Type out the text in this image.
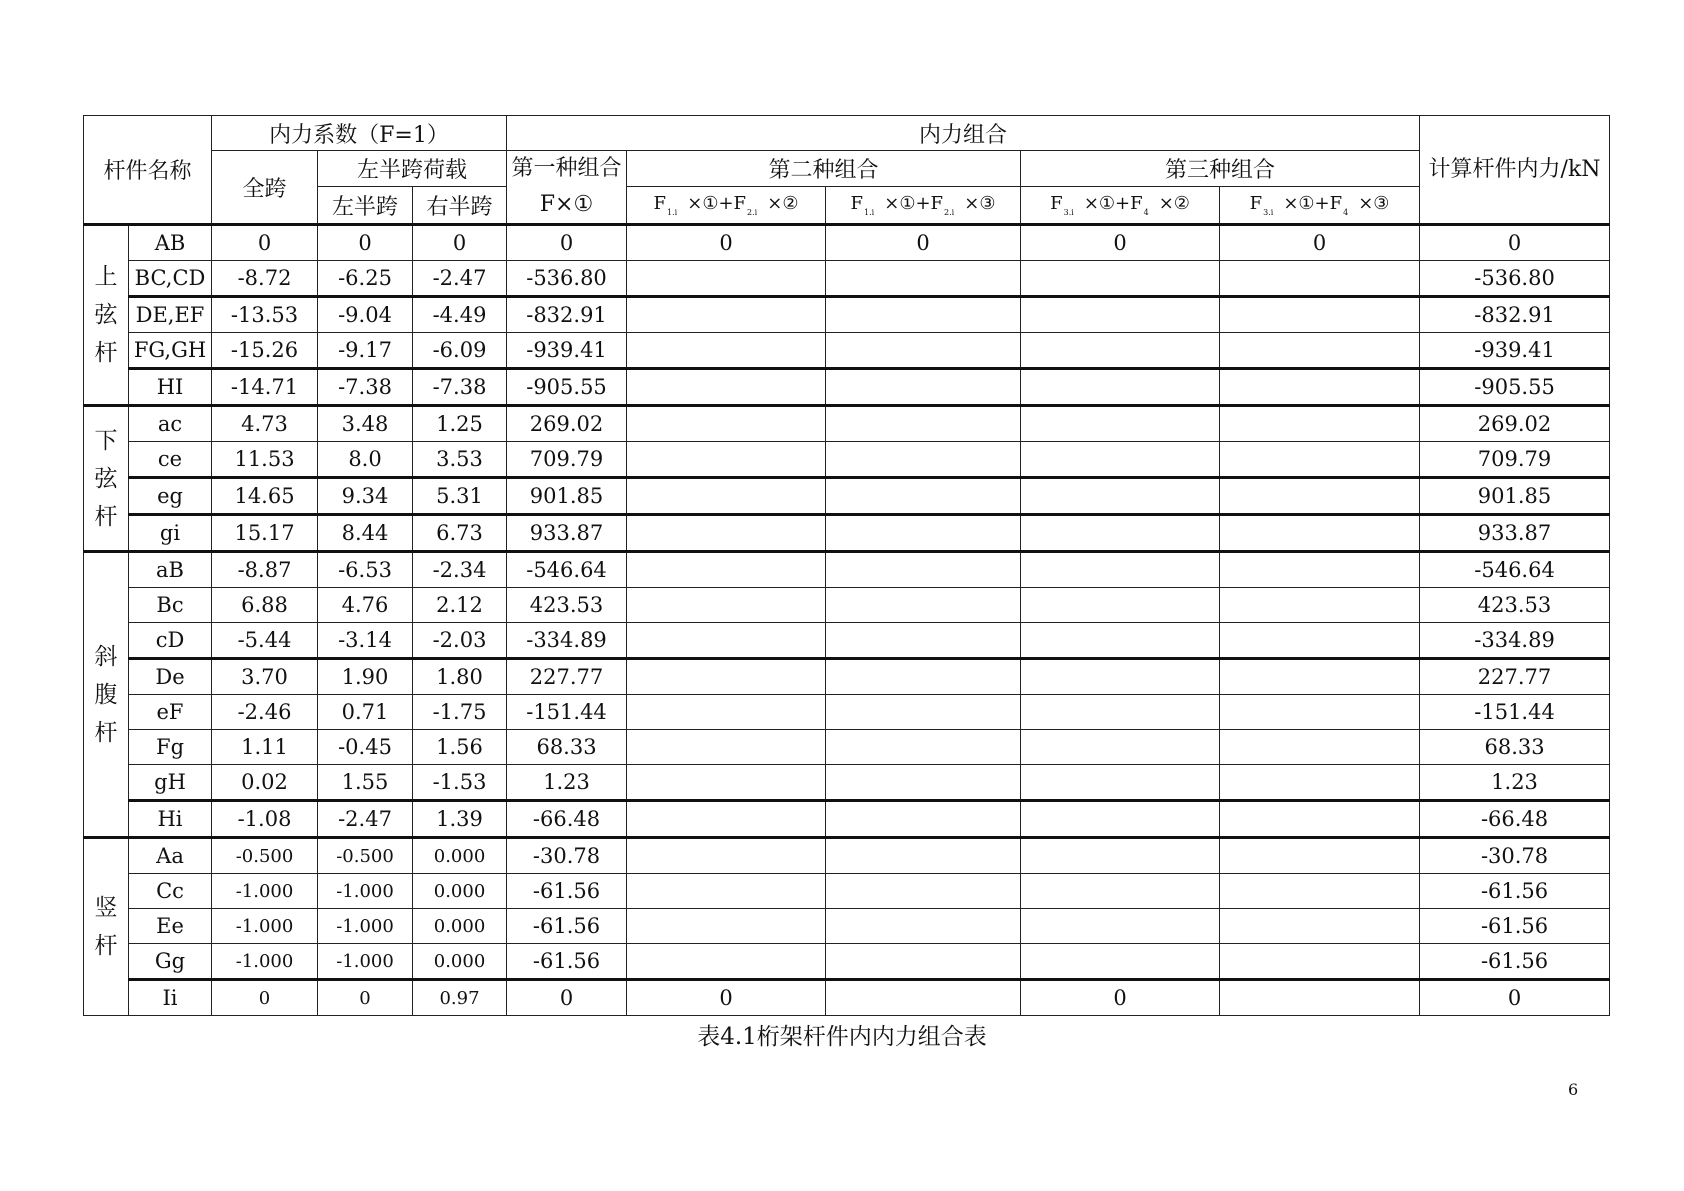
杆件名称		内力系数（F=1）			内力组合					计算杆件内力/kN
		全跨	左半跨荷载		第一种组合F×①	第二种组合		第三种组合		
			左半跨	右半跨		$F_{1.i}$ $\times ①+F_{2.i}$ ×②	$F_{1.i}$ $\times ①+F_{2.i}$ ×③	$F_{3.i}$ $\times ①+F_4$ ×②	$F_{3.i}$ $\times ①+F_4$ ×③	
上弦杆	AB	0	0	0	0	0	0	0	0	0
	BC,CD	-8.72	-6.25	-2.47	-536.80					-536.80
	DE,EF	-13.53	-9.04	-4.49	-832.91					-832.91
	FG,GH	-15.26	-9.17	-6.09	-939.41					-939.41
	HI	-14.71	-7.38	-7.38	-905.55					-905.55
下弦杆	ac	4.73	3.48	1.25	269.02					269.02
	ce	11.53	8.0	3.53	709.79					709.79
	eg	14.65	9.34	5.31	901.85					901.85
	gi	15.17	8.44	6.73	933.87					933.87
斜腹杆	aB	-8.87	-6.53	-2.34	-546.64					-546.64
	Bc	6.88	4.76	2.12	423.53					423.53
	cD	-5.44	-3.14	-2.03	-334.89					-334.89
	De	3.70	1.90	1.80	227.77					227.77
	eF	-2.46	0.71	-1.75	-151.44					-151.44
	Fg	1.11	-0.45	1.56	68.33					68.33
	gH	0.02	1.55	-1.53	1.23					1.23
	Hi	-1.08	-2.47	1.39	-66.48					-66.48
竖杆	Aa	-0.500	-0.500	0.000	-30.78					-30.78
	Cc	-1.000	-1.000	0.000	-61.56					-61.56
	Ee	-1.000	-1.000	0.000	-61.56					-61.56
	Gg	-1.000	-1.000	0.000	-61.56					-61.56
	Ii	0	0	0.97	0	0		0		0
表4.1桁架杆件内内力组合表
6
